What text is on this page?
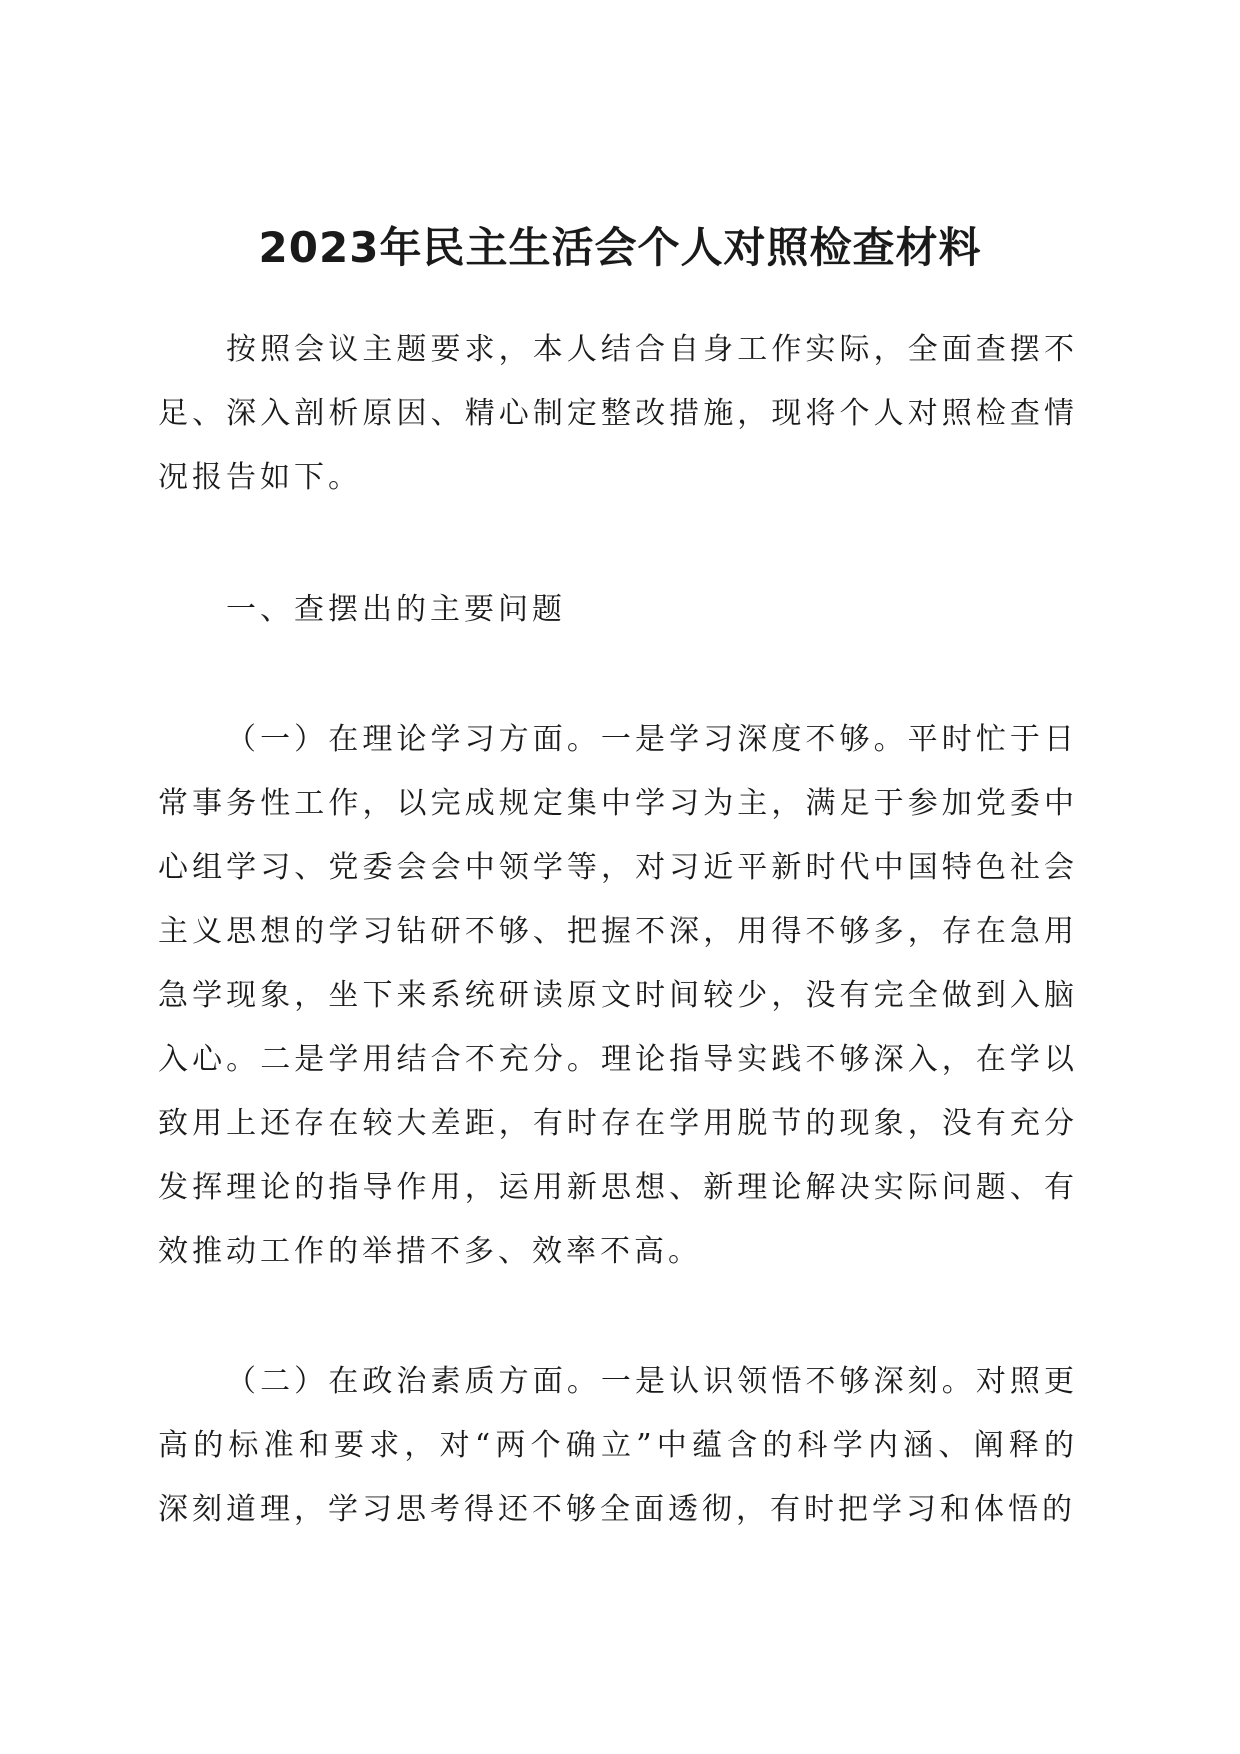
2023年民主生活会个人对照检查材料

按照会议主题要求，本人结合自身工作实际，全面查摆不足、深入剖析原因、精心制定整改措施，现将个人对照检查情况报告如下。

一、查摆出的主要问题

（一）在理论学习方面。一是学习深度不够。平时忙于日常事务性工作，以完成规定集中学习为主，满足于参加党委中心组学习、党委会会中领学等，对习近平新时代中国特色社会主义思想的学习钻研不够、把握不深，用得不够多，存在急用急学现象，坐下来系统研读原文时间较少，没有完全做到入脑入心。二是学用结合不充分。理论指导实践不够深入，在学以致用上还存在较大差距，有时存在学用脱节的现象，没有充分发挥理论的指导作用，运用新思想、新理论解决实际问题、有效推动工作的举措不多、效率不高。

（二）在政治素质方面。一是认识领悟不够深刻。对照更高的标准和要求，对“两个确立”中蕴含的科学内涵、阐释的深刻道理，学习思考得还不够全面透彻，有时把学习和体悟的
